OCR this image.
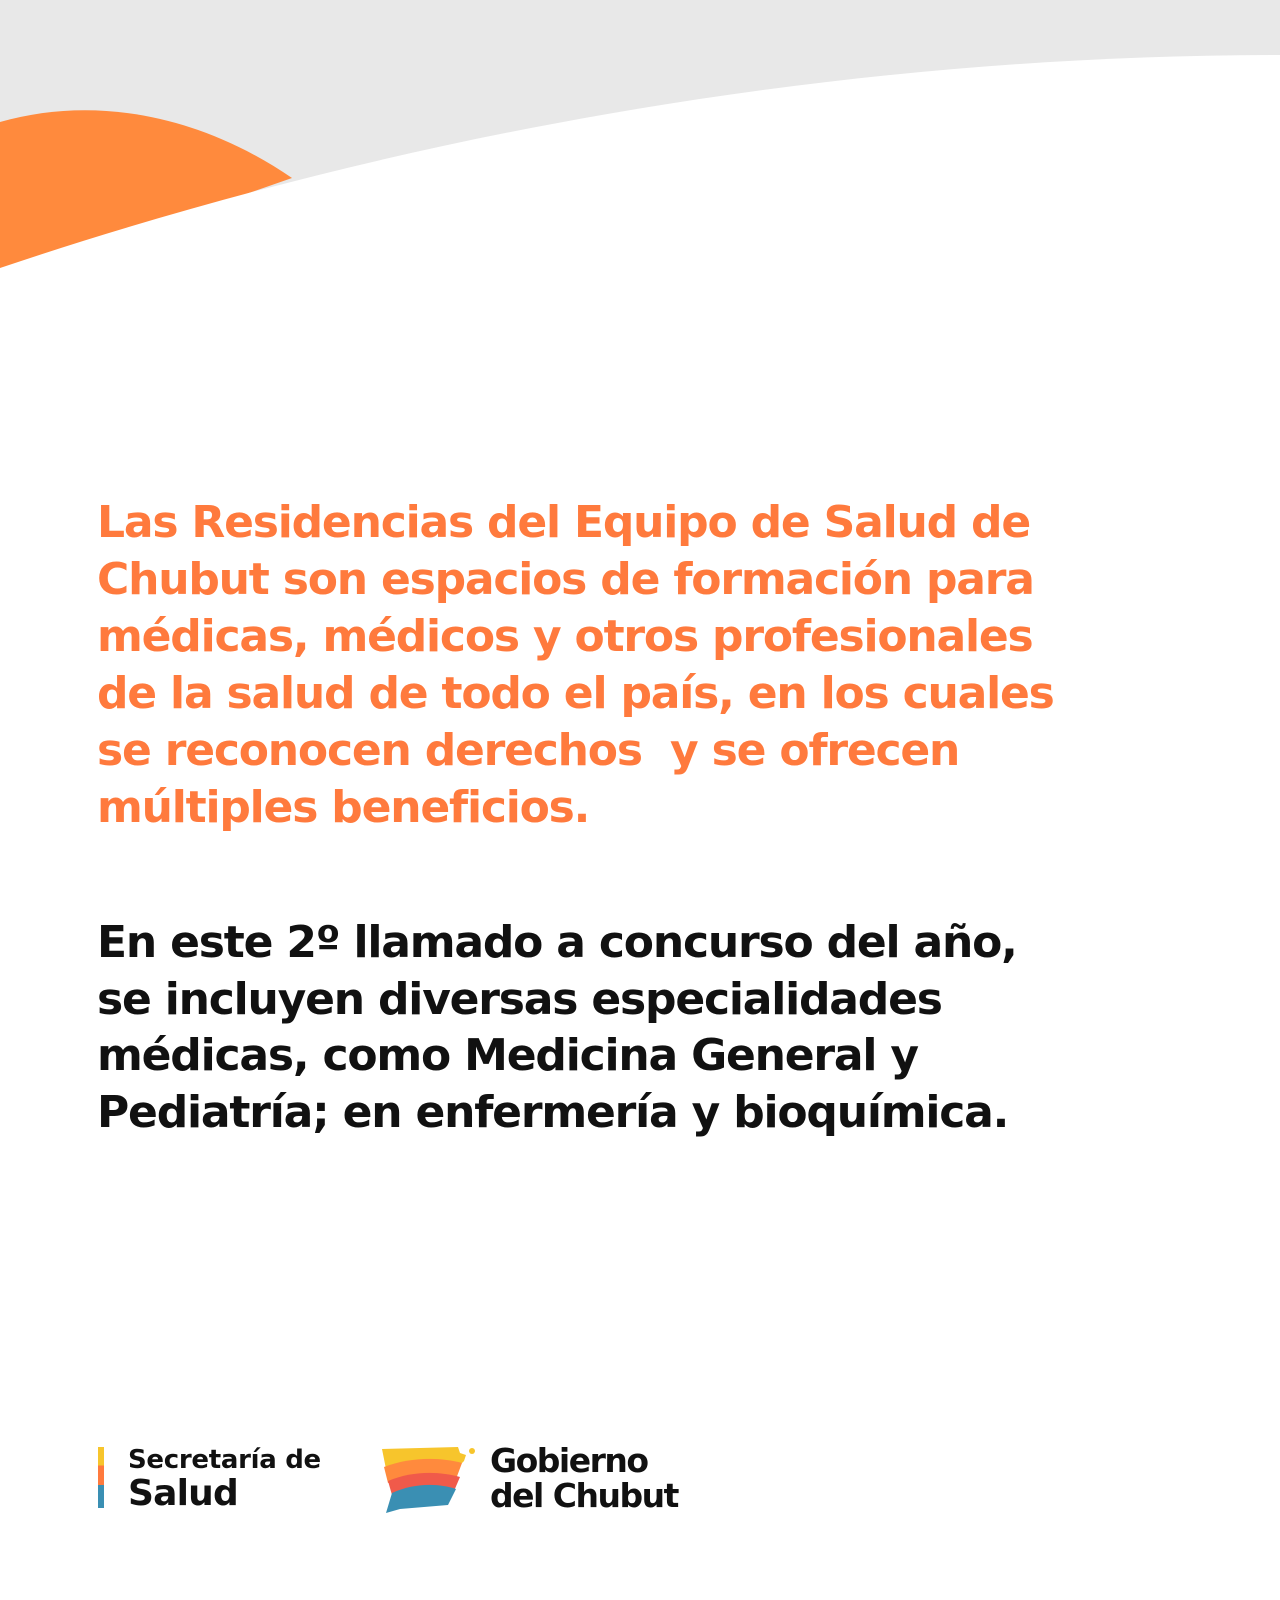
Las Residencias del Equipo de Salud de
Chubut son espacios de formación para
médicas, médicos y otros profesionales
de la salud de todo el país, en los cuales
se reconocen derechos  y se ofrecen
múltiples beneficios.
En este 2º llamado a concurso del año,
se incluyen diversas especialidades
médicas, como Medicina General y
Pediatría; en enfermería y bioquímica.
Secretaría de
Salud
Gobierno
del Chubut
